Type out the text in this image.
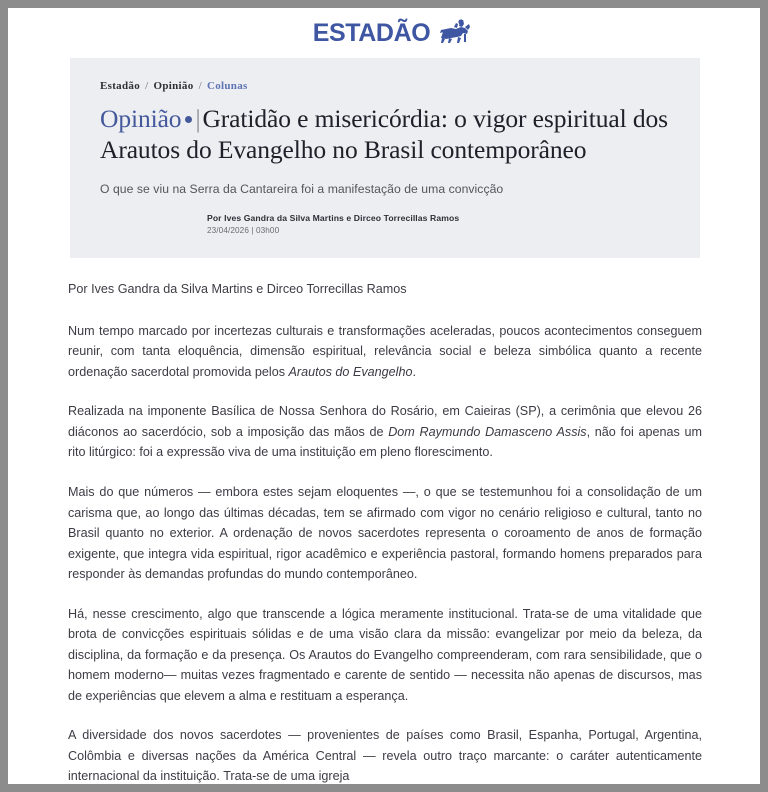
ESTADÃO
Estadão / Opinião / Colunas
Opinião |Gratidão e misericórdia: o vigor espiritual dos Arautos do Evangelho no Brasil contemporâneo

O que se viu na Serra da Cantareira foi a manifestação de uma convicção

Por Ives Gandra da Silva Martins e Dirceo Torrecillas Ramos
23/04/2026 | 03h00

Por Ives Gandra da Silva Martins e Dirceo Torrecillas Ramos

Num tempo marcado por incertezas culturais e transformações aceleradas, poucos acontecimentos conseguem reunir, com tanta eloquência, dimensão espiritual, relevância social e beleza simbólica quanto a recente ordenação sacerdotal promovida pelos Arautos do Evangelho.

Realizada na imponente Basílica de Nossa Senhora do Rosário, em Caieiras (SP), a cerimônia que elevou 26 diáconos ao sacerdócio, sob a imposição das mãos de Dom Raymundo Damasceno Assis, não foi apenas um rito litúrgico: foi a expressão viva de uma instituição em pleno florescimento.

Mais do que números — embora estes sejam eloquentes —, o que se testemunhou foi a consolidação de um carisma que, ao longo das últimas décadas, tem se afirmado com vigor no cenário religioso e cultural, tanto no Brasil quanto no exterior. A ordenação de novos sacerdotes representa o coroamento de anos de formação exigente, que integra vida espiritual, rigor acadêmico e experiência pastoral, formando homens preparados para responder às demandas profundas do mundo contemporâneo.

Há, nesse crescimento, algo que transcende a lógica meramente institucional. Trata-se de uma vitalidade que brota de convicções espirituais sólidas e de uma visão clara da missão: evangelizar por meio da beleza, da disciplina, da formação e da presença. Os Arautos do Evangelho compreenderam, com rara sensibilidade, que o homem moderno— muitas vezes fragmentado e carente de sentido — necessita não apenas de discursos, mas de experiências que elevem a alma e restituam a esperança.

A diversidade dos novos sacerdotes — provenientes de países como Brasil, Espanha, Portugal, Argentina, Colômbia e diversas nações da América Central — revela outro traço marcante: o caráter autenticamente internacional da instituição. Trata-se de uma igreja
